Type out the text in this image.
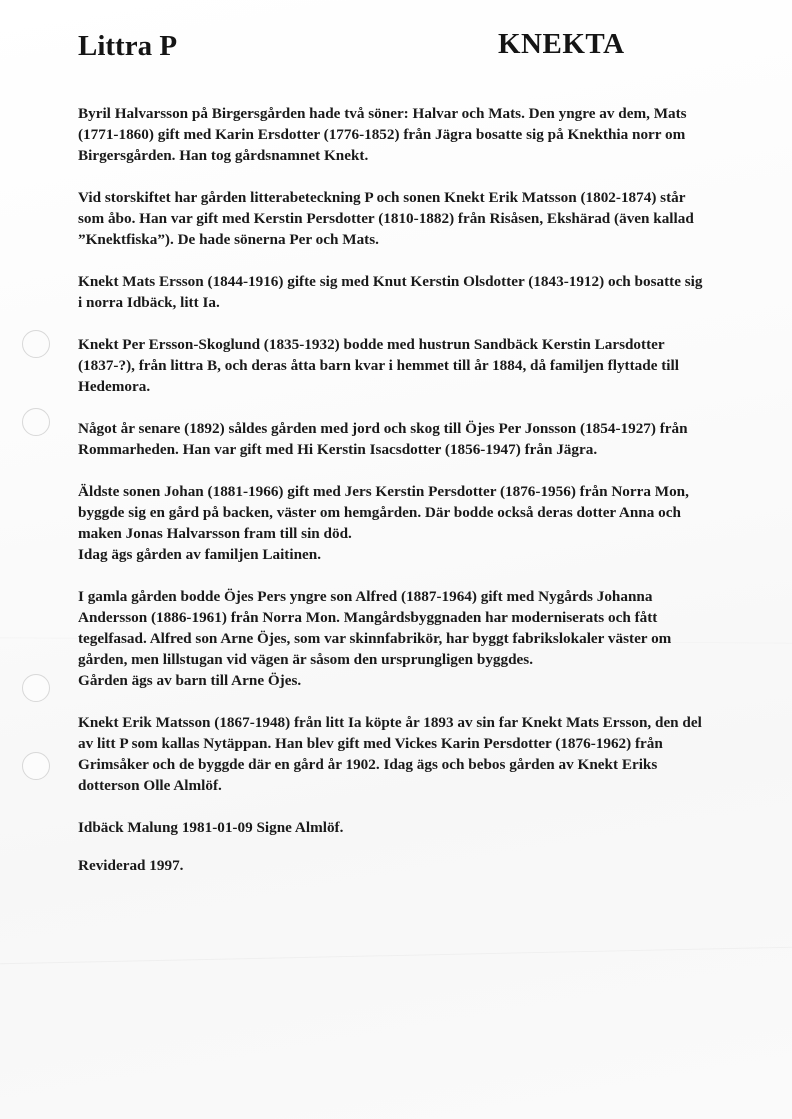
Littra P	KNEKTA

Byril Halvarsson på Birgersgården hade två söner: Halvar och Mats. Den yngre av dem, Mats
(1771-1860) gift med Karin Ersdotter (1776-1852) från Jägra bosatte sig på Knekthia norr om
Birgersgården. Han tog gårdsnamnet Knekt.

Vid storskiftet har gården litterabeteckning P och sonen Knekt Erik Matsson (1802-1874) står
som åbo. Han var gift med Kerstin Persdotter (1810-1882) från Risåsen, Ekshärad (även kallad
”Knektfiska”). De hade sönerna Per och Mats.

Knekt Mats Ersson (1844-1916) gifte sig med Knut Kerstin Olsdotter (1843-1912) och bosatte sig
i norra Idbäck, litt Ia.

Knekt Per Ersson-Skoglund (1835-1932) bodde med hustrun Sandbäck Kerstin Larsdotter
(1837-?), från littra B, och deras åtta barn kvar i hemmet till år 1884, då familjen flyttade till
Hedemora.

Något år senare (1892) såldes gården med jord och skog till Öjes Per Jonsson (1854-1927) från
Rommarheden. Han var gift med Hi Kerstin Isacsdotter (1856-1947) från Jägra.

Äldste sonen Johan (1881-1966) gift med Jers Kerstin Persdotter (1876-1956) från Norra Mon,
byggde sig en gård på backen, väster om hemgården. Där bodde också deras dotter Anna och
maken Jonas Halvarsson fram till sin död.
Idag ägs gården av familjen Laitinen.

I gamla gården bodde Öjes Pers yngre son Alfred (1887-1964) gift med Nygårds Johanna
Andersson (1886-1961) från Norra Mon. Mangårdsbyggnaden har moderniserats och fått
tegelfasad. Alfred son Arne Öjes, som var skinnfabrikör, har byggt fabrikslokaler väster om
gården, men lillstugan vid vägen är såsom den ursprungligen byggdes.
Gården ägs av barn till Arne Öjes.

Knekt Erik Matsson (1867-1948) från litt Ia köpte år 1893 av sin far Knekt Mats Ersson, den del
av litt P som kallas Nytäppan. Han blev gift med Vickes Karin Persdotter (1876-1962) från
Grimsåker och de byggde där en gård år 1902. Idag ägs och bebos gården av Knekt Eriks
dotterson Olle Almlöf.

Idbäck Malung 1981-01-09 Signe Almlöf.

Reviderad 1997.
